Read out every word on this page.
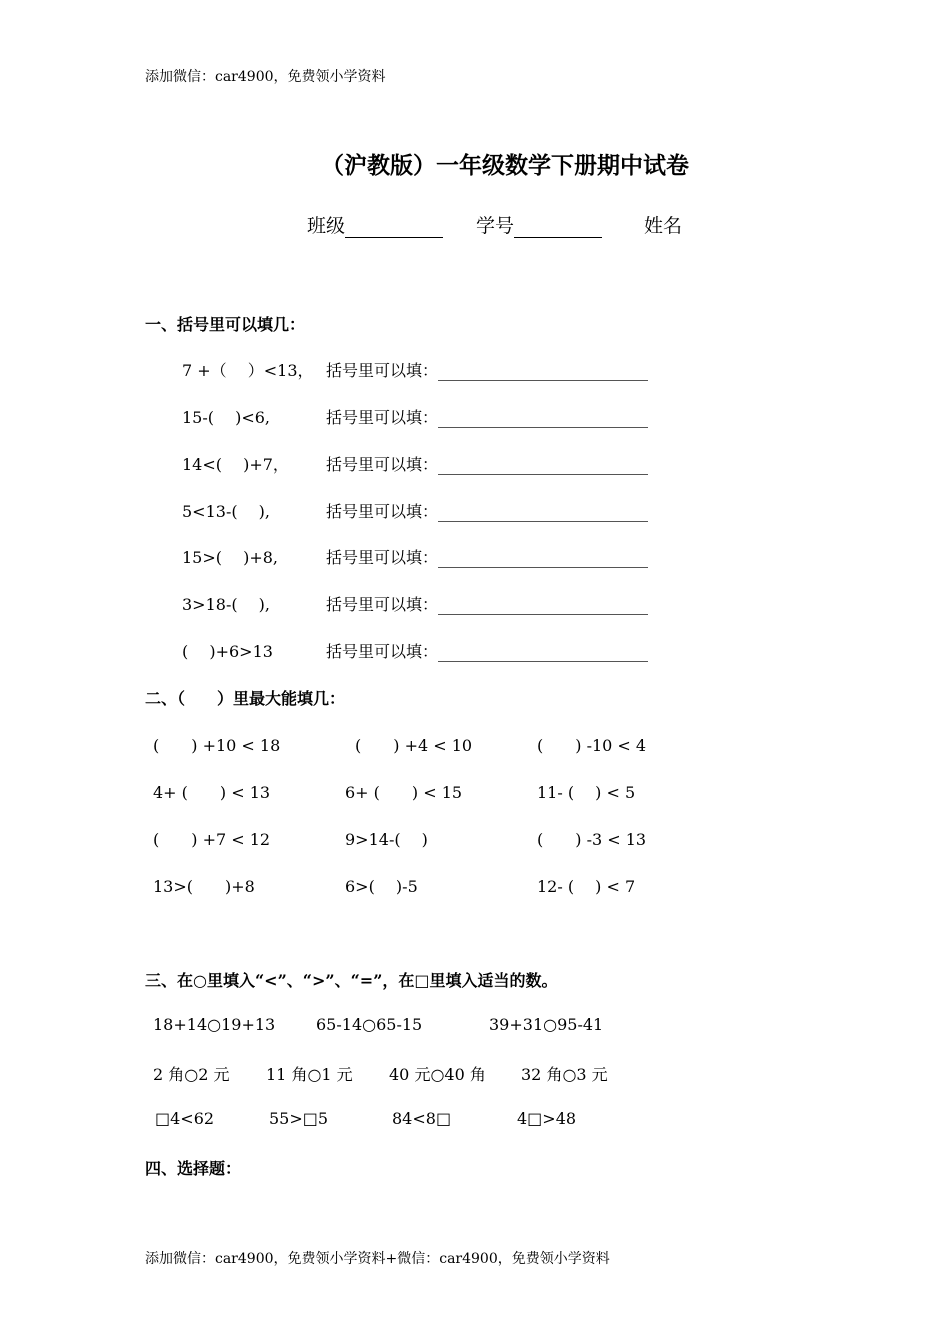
添加微信：car4900，免费领小学资料
（沪教版）一年级数学下册期中试卷
班级	学号	姓名
一、括号里可以填几：
7 +（　 ）<13， 括号里可以填：
15-(　 )<6,	括号里可以填：
14<(　 )+7， 括号里可以填：
5<13-(　 ),	括号里可以填：
15>(　 )+8,	括号里可以填：
3>18-(　 ),	括号里可以填：
(　 )+6>13	括号里可以填：
二、（　　）里最大能填几：
(　　) +10 < 18	(　　) +4 < 10	(　　) -10 < 4
4+ (　　) < 13	6+ (　　) < 15	11- (　 ) < 5
(　　) +7 < 12	9>14-(　 )	(　　) -3 < 13
13>(　　)+8	6>(　 )-5	12- (　 ) < 7
三、在○里填入“<”、“>”、“=”，在□里填入适当的数。
18+14○19+13	65-14○65-15	39+31○95-41
2 角○2 元 11 角○1 元 40 元○40 角 32 角○3 元
□4<62	55>□5	84<8□	4□>48
四、选择题：
添加微信：car4900，免费领小学资料+微信：car4900，免费领小学资料
